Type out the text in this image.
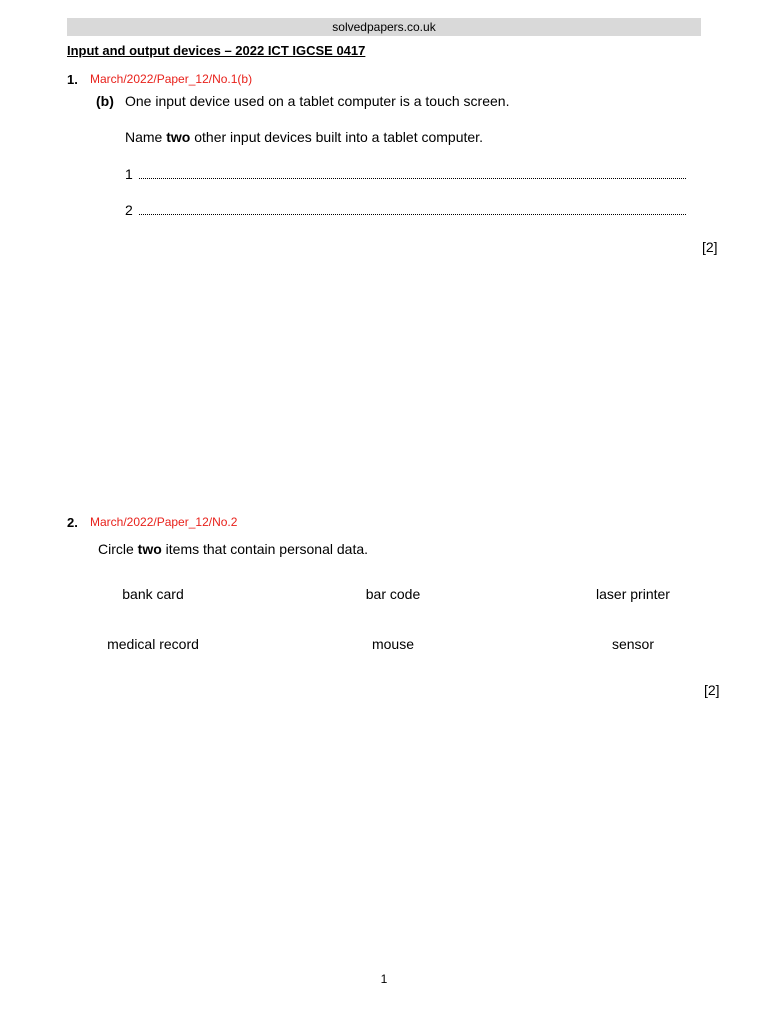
solvedpapers.co.uk
Input and output devices – 2022 ICT IGCSE 0417
1. March/2022/Paper_12/No.1(b)
(b) One input device used on a tablet computer is a touch screen.
Name two other input devices built into a tablet computer.
1
2
[2]
2. March/2022/Paper_12/No.2
Circle two items that contain personal data.
bank card	bar code	laser printer
medical record	mouse	sensor
[2]
1
